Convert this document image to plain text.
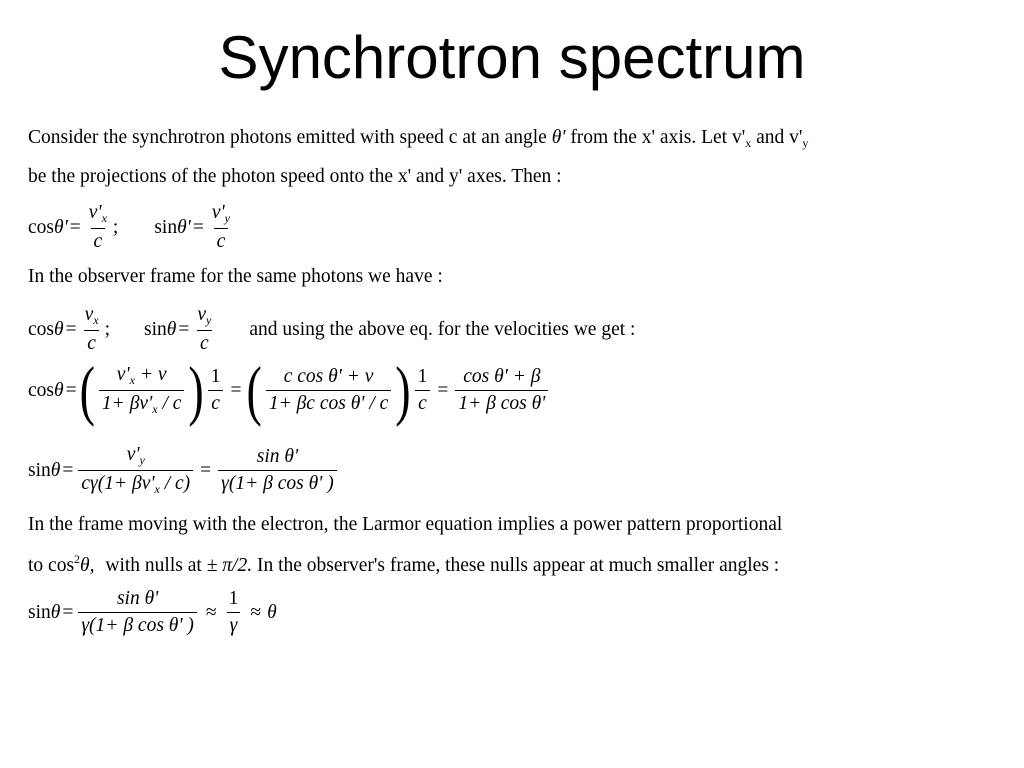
Synchrotron spectrum
Consider the synchrotron photons emitted with speed c at an angle θ' from the x' axis. Let $v'_x$ and $v'_y$
be the projections of the photon speed onto the x' and y' axes. Then :
$\cos \theta' = \frac{v'_x}{c}$ ; $\sin \theta' = \frac{v'_y}{c}$
In the observer frame for the same photons we have :
$\cos \theta = \frac{v_x}{c}$ ; $\sin \theta = \frac{v_y}{c}$ and using the above eq. for the velocities we get :
cos θ = ( $\frac{v'_x + v}{1+ \beta v'_x / c}$ ) $\frac{1}{c}$ = ( $\frac{\text{c cos θ' + v}}{\text{1+ βc cos θ' / c}}$ ) $\frac{1}{c} = \frac{\text{cos θ' + β}}{\text{1+ β cos θ'}}$
$\sin \theta = \frac{v'_y}{c\gamma(1+ \beta v'_x / c)} = \frac{\text{sin θ'}}{\text{γ(1+ β cos θ' )}}$
In the frame moving with the electron, the Larmor equation implies a power pattern proportional
to $\cos^2\theta$, with nulls at ± π/2. In the observer's frame, these nulls appear at much smaller angles :
$\sin \theta = \frac{\text{sin θ'}}{\text{γ(1+ β cos θ' )}} \approx \frac{1}{\gamma} \approx \theta$
